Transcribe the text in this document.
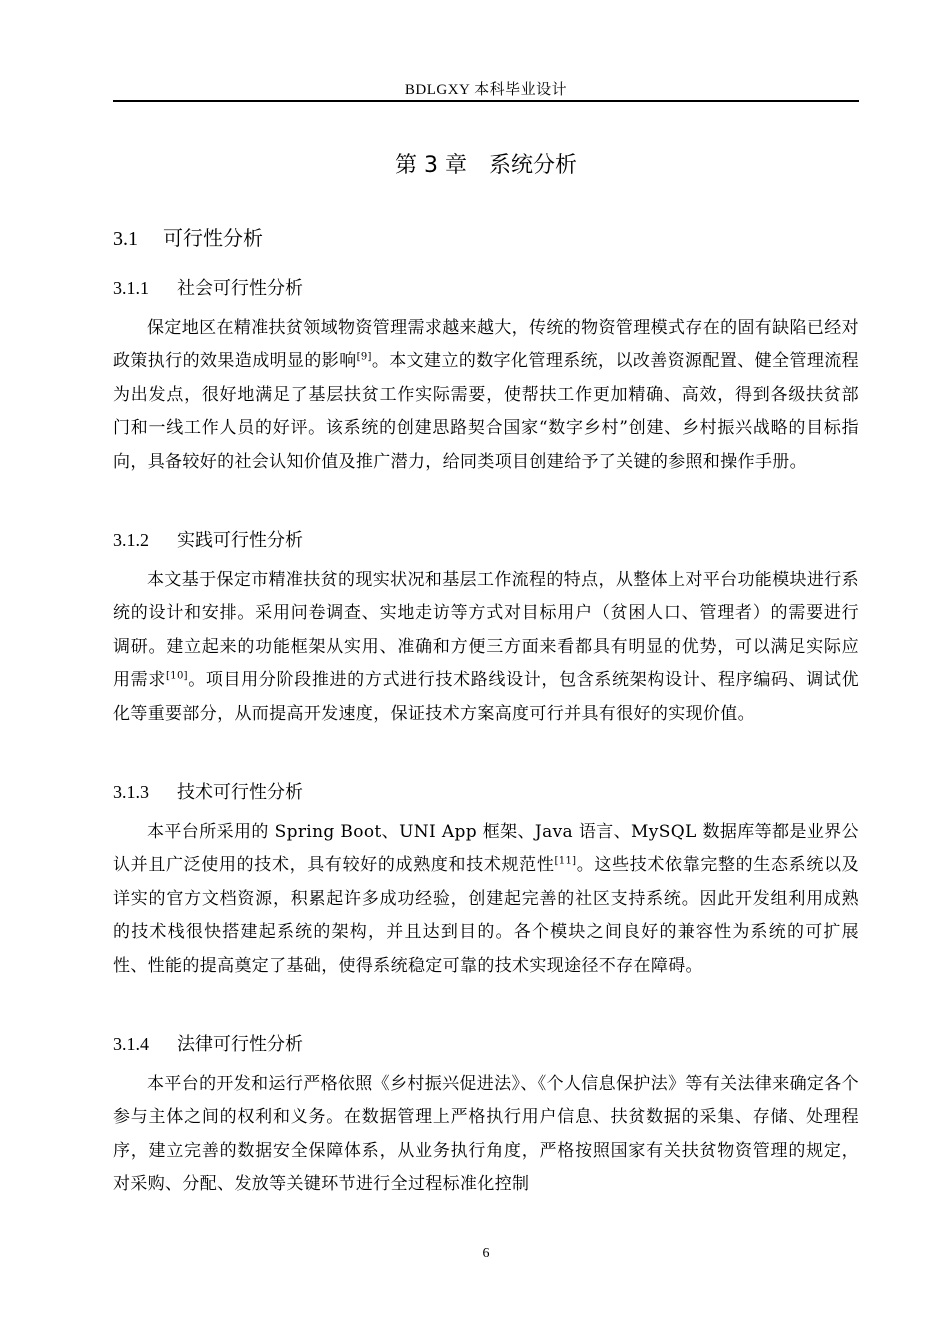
BDLGXY 本科毕业设计
第 3 章 系统分析
3.1 可行性分析
3.1.1 社会可行性分析

保定地区在精准扶贫领域物资管理需求越来越大，传统的物资管理模式存在的固有缺陷已经对政策执行的效果造成明显的影响[9]。本文建立的数字化管理系统，以改善资源配置、健全管理流程为出发点，很好地满足了基层扶贫工作实际需要，使帮扶工作更加精确、高效，得到各级扶贫部门和一线工作人员的好评。该系统的创建思路契合国家“数字乡村”创建、乡村振兴战略的目标指向，具备较好的社会认知价值及推广潜力，给同类项目创建给予了关键的参照和操作手册。

3.1.2 实践可行性分析

本文基于保定市精准扶贫的现实状况和基层工作流程的特点，从整体上对平台功能模块进行系统的设计和安排。采用问卷调查、实地走访等方式对目标用户（贫困人口、管理者）的需要进行调研。建立起来的功能框架从实用、准确和方便三方面来看都具有明显的优势，可以满足实际应用需求[10]。项目用分阶段推进的方式进行技术路线设计，包含系统架构设计、程序编码、调试优化等重要部分，从而提高开发速度，保证技术方案高度可行并具有很好的实现价值。

3.1.3 技术可行性分析

本平台所采用的 Spring Boot、UNI App 框架、Java 语言、MySQL 数据库等都是业界公认并且广泛使用的技术，具有较好的成熟度和技术规范性[11]。这些技术依靠完整的生态系统以及详实的官方文档资源，积累起许多成功经验，创建起完善的社区支持系统。因此开发组利用成熟的技术栈很快搭建起系统的架构，并且达到目的。各个模块之间良好的兼容性为系统的可扩展性、性能的提高奠定了基础，使得系统稳定可靠的技术实现途径不存在障碍。

3.1.4 法律可行性分析

本平台的开发和运行严格依照《乡村振兴促进法》、《个人信息保护法》等有关法律来确定各个参与主体之间的权利和义务。在数据管理上严格执行用户信息、扶贫数据的采集、存储、处理程序，建立完善的数据安全保障体系，从业务执行角度，严格按照国家有关扶贫物资管理的规定，对采购、分配、发放等关键环节进行全过程标准化控制

6
